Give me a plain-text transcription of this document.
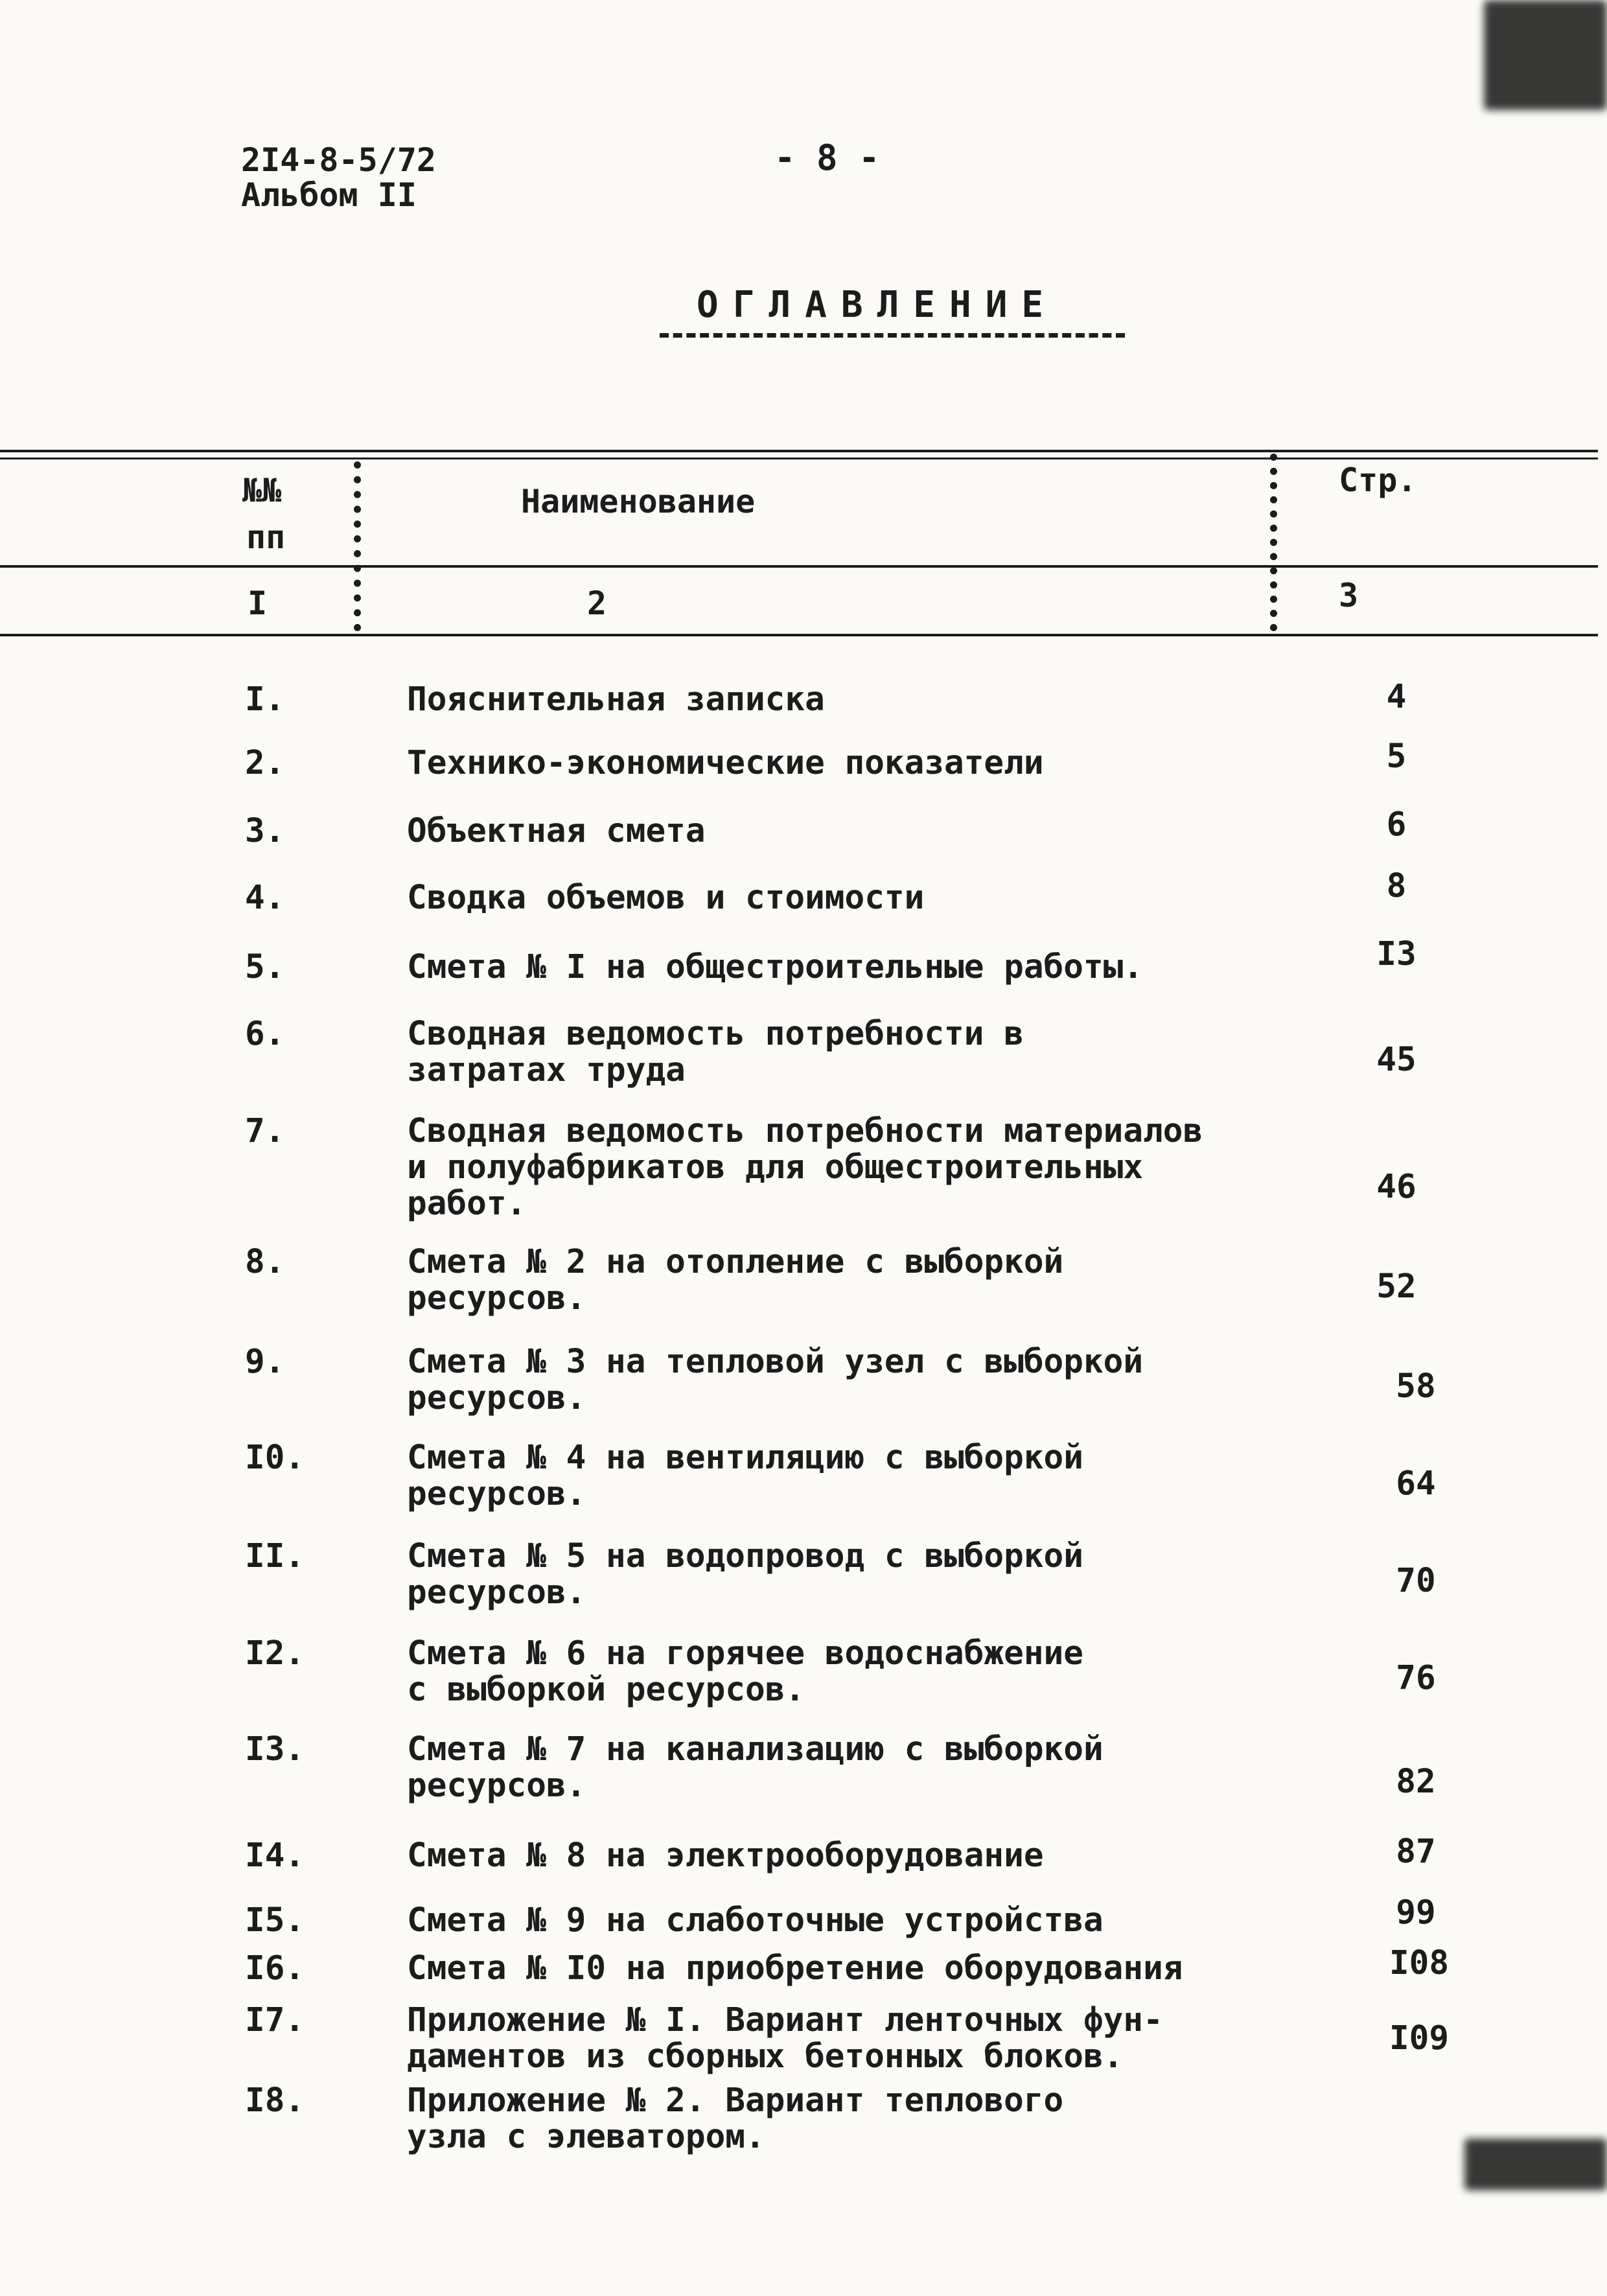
2I4-8-5/72
Альбом II
- 8 -
ОГЛАВЛЕНИЕ
№№
пп
Наименование
Стр.
I	2	3
I.	Пояснительная записка	4
2.	Технико-экономические показатели	5
3.	Объектная смета	6
4.	Сводка объемов и стоимости	8
5.	Смета № I на общестроительные работы.	I3
6.	Сводная ведомость потребности в
затратах труда	45
7.	Сводная ведомость потребности материалов
и полуфабрикатов для общестроительных
работ.	46
8.	Смета № 2 на отопление с выборкой
ресурсов.	52
9.	Смета № 3 на тепловой узел с выборкой
ресурсов.	58
I0.	Смета № 4 на вентиляцию с выборкой
ресурсов.	64
II.	Смета № 5 на водопровод с выборкой
ресурсов.	70
I2.	Смета № 6 на горячее водоснабжение
с выборкой ресурсов.	76
I3.	Смета № 7 на канализацию с выборкой
ресурсов.	82
I4.	Смета № 8 на электрооборудование	87
I5.	Смета № 9 на слаботочные устройства	99
I6.	Смета № I0 на приобретение оборудования	I08
I7.	Приложение № I. Вариант ленточных фун-
даментов из сборных бетонных блоков.	I09
I8.	Приложение № 2. Вариант теплового
узла с элеватором.
